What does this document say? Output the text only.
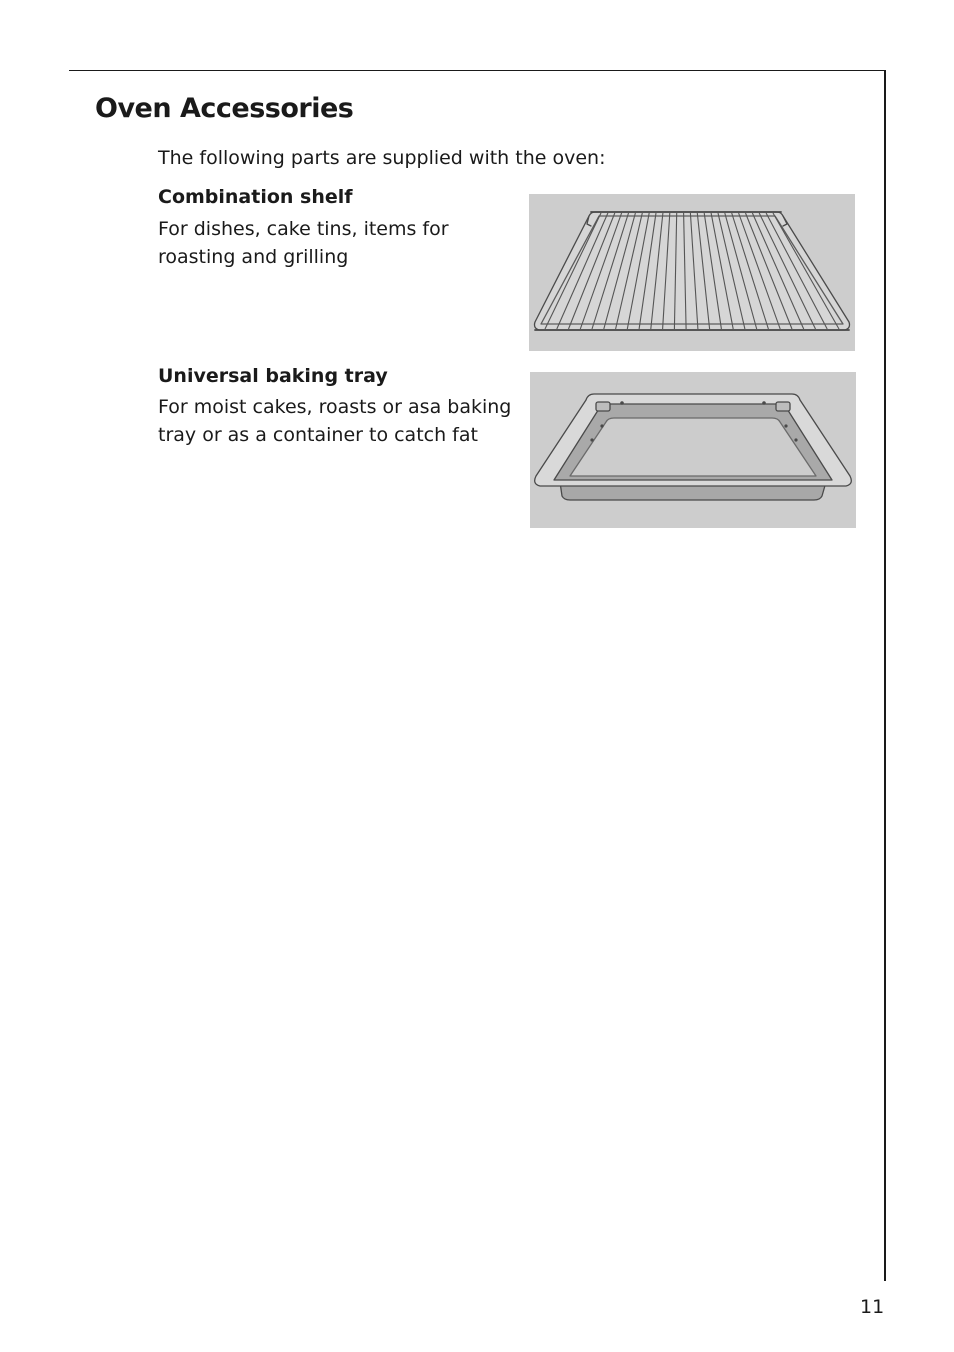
Oven Accessories

The following parts are supplied with the oven:

Combination shelf

For dishes, cake tins, items for
roasting and grilling

Universal baking tray

For moist cakes, roasts or asa baking
tray or as a container to catch fat
11
